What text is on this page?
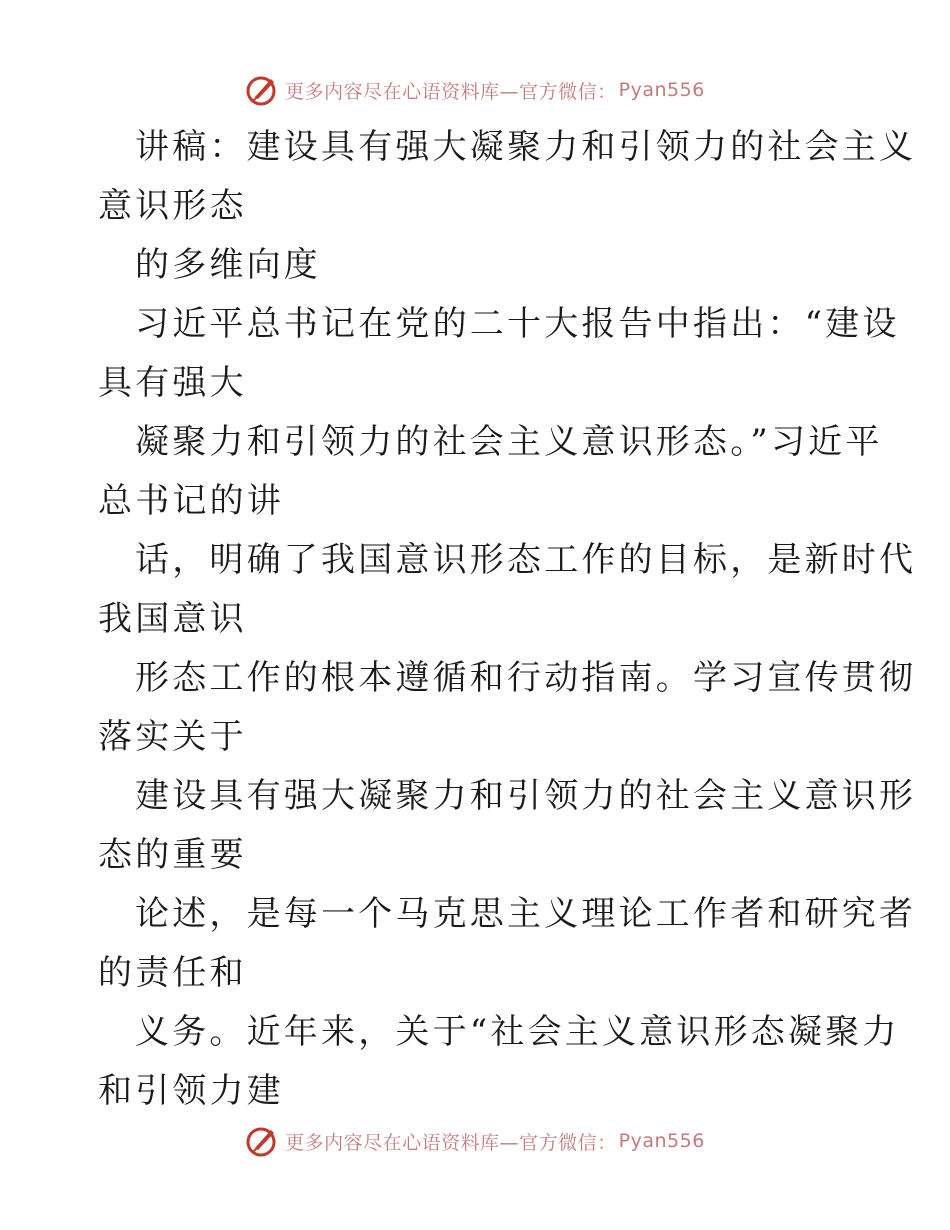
更多内容尽在心语资料库—官方微信： Pyan556
讲稿：建设具有强大凝聚力和引领力的社会主义
意识形态
的多维向度
习近平总书记在党的二十大报告中指出：“建设
具有强大
凝聚力和引领力的社会主义意识形态。”习近平
总书记的讲
话，明确了我国意识形态工作的目标，是新时代
我国意识
形态工作的根本遵循和行动指南。学习宣传贯彻
落实关于
建设具有强大凝聚力和引领力的社会主义意识形
态的重要
论述，是每一个马克思主义理论工作者和研究者
的责任和
义务。近年来，关于“社会主义意识形态凝聚力
和引领力建
更多内容尽在心语资料库—官方微信： Pyan556
